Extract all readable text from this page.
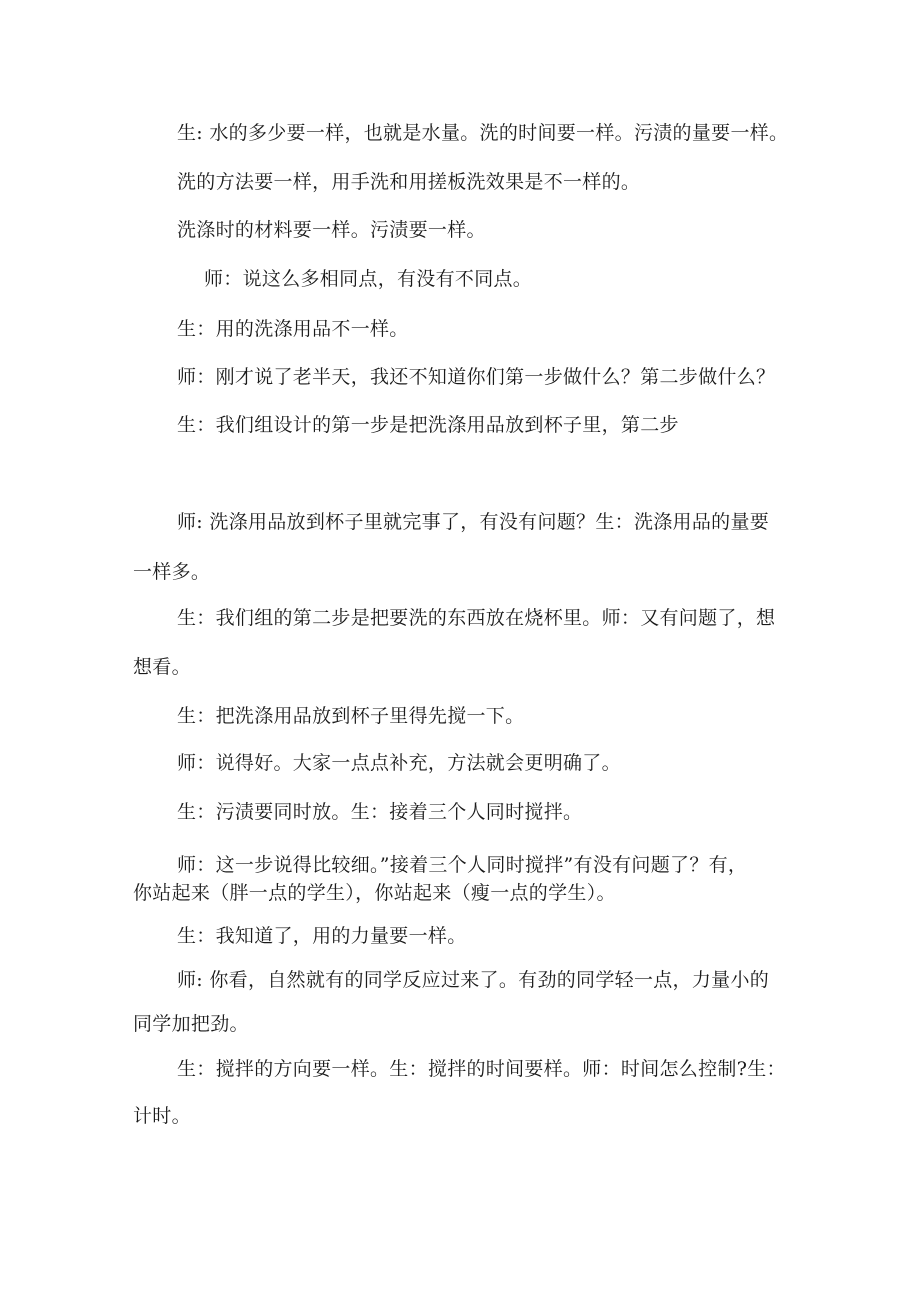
生: 水的多少要一样，也就是水量。洗的时间要一样。污渍的量要一样。
洗的方法要一样，用手洗和用搓板洗效果是不一样的。
洗涤时的材料要一样。污渍要一样。
师：说这么多相同点，有没有不同点。
生：用的洗涤用品不一样。
师：刚才说了老半天，我还不知道你们第一步做什么？第二步做什么？
生：我们组设计的第一步是把洗涤用品放到杯子里，第二步
师: 洗涤用品放到杯子里就完事了，有没有问题？生：洗涤用品的量要
一样多。
生：我们组的第二步是把要洗的东西放在烧杯里。师：又有问题了，想
想看。
生：把洗涤用品放到杯子里得先搅一下。
师：说得好。大家一点点补充，方法就会更明确了。
生：污渍要同时放。生：接着三个人同时搅拌。
师：这一步说得比较细。”接着三个人同时搅拌”有没有问题了？有，
你站起来（胖一点的学生），你站起来（瘦一点的学生）。
生：我知道了，用的力量要一样。
师: 你看，自然就有的同学反应过来了。有劲的同学轻一点，力量小的
同学加把劲。
生：搅拌的方向要一样。生：搅拌的时间要样。师：时间怎么控制?生：
计时。
